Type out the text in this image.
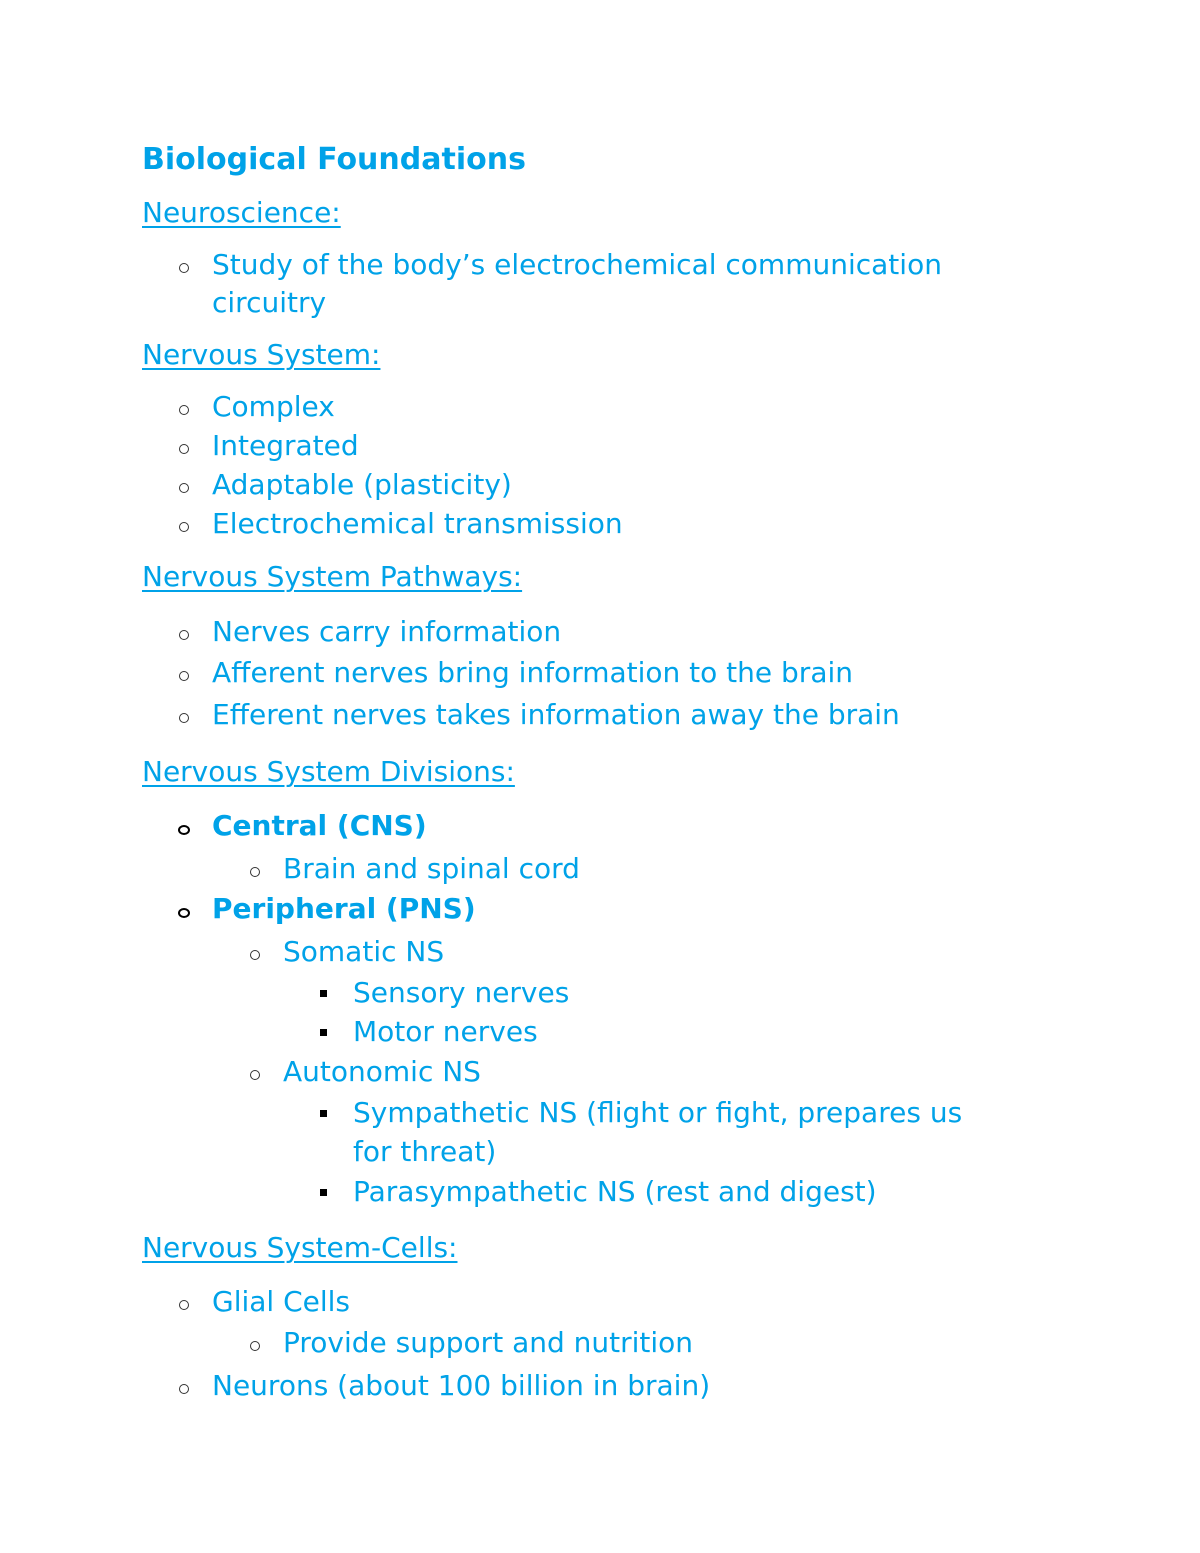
Biological Foundations
Neuroscience:
Study of the body’s electrochemical communication
circuitry
Nervous System:
Complex
Integrated
Adaptable (plasticity)
Electrochemical transmission
Nervous System Pathways:
Nerves carry information
Afferent nerves bring information to the brain
Efferent nerves takes information away the brain
Nervous System Divisions:
Central (CNS)
Brain and spinal cord
Peripheral (PNS)
Somatic NS
Sensory nerves
Motor nerves
Autonomic NS
Sympathetic NS (flight or fight, prepares us
for threat)
Parasympathetic NS (rest and digest)
Nervous System-Cells:
Glial Cells
Provide support and nutrition
Neurons (about 100 billion in brain)
